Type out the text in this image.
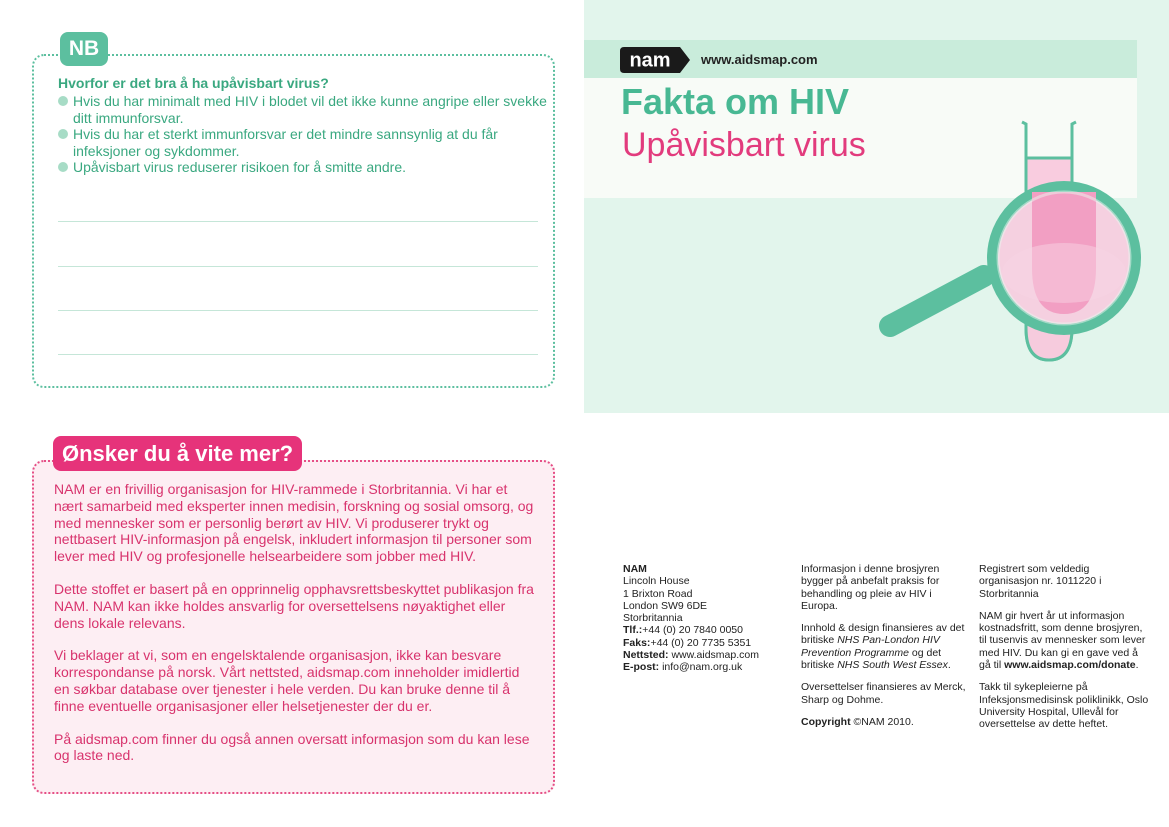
NB
Hvorfor er det bra å ha upåvisbart virus?
Hvis du har minimalt med HIV i blodet vil det ikke kunne angripe eller svekke ditt immunforsvar.
Hvis du har et sterkt immunforsvar er det mindre sannsynlig at du får infeksjoner og sykdommer.
Upåvisbart virus reduserer risikoen for å smitte andre.
Ønsker du å vite mer?

NAM er en frivillig organisasjon for HIV-rammede i Storbritannia. Vi har et nært samarbeid med eksperter innen medisin, forskning og sosial omsorg, og med mennesker som er personlig berørt av HIV. Vi produserer trykt og nettbasert HIV-informasjon på engelsk, inkludert informasjon til personer som lever med HIV og profesjonelle helsearbeidere som jobber med HIV.

Dette stoffet er basert på en opprinnelig opphavsrettsbeskyttet publikasjon fra NAM. NAM kan ikke holdes ansvarlig for oversettelsens nøyaktighet eller dens lokale relevans.

Vi beklager at vi, som en engelsktalende organisasjon, ikke kan besvare korrespondanse på norsk. Vårt nettsted, aidsmap.com inneholder imidlertid en søkbar database over tjenester i hele verden. Du kan bruke denne til å finne eventuelle organisasjoner eller helsetjenester der du er.

På aidsmap.com finner du også annen oversatt informasjon som du kan lese og laste ned.

nam www.aidsmap.com
Fakta om HIV
Upåvisbart virus
NAM
Lincoln House
1 Brixton Road
London SW9 6DE
Storbritannia
Tlf.:+44 (0) 20 7840 0050
Faks:+44 (0) 20 7735 5351
Nettsted: www.aidsmap.com
E-post: info@nam.org.uk

Informasjon i denne brosjyren bygger på anbefalt praksis for behandling og pleie av HIV i Europa.

Innhold & design finansieres av det britiske NHS Pan-London HIV Prevention Programme og det britiske NHS South West Essex.

Oversettelser finansieres av Merck, Sharp og Dohme.

Copyright ©NAM 2010.

Registrert som veldedig organisasjon nr. 1011220 i Storbritannia

NAM gir hvert år ut informasjon kostnadsfritt, som denne brosjyren, til tusenvis av mennesker som lever med HIV. Du kan gi en gave ved å gå til www.aidsmap.com/donate.

Takk til sykepleierne på Infeksjonsmedisinsk poliklinikk, Oslo University Hospital, Ullevål for oversettelse av dette heftet.
